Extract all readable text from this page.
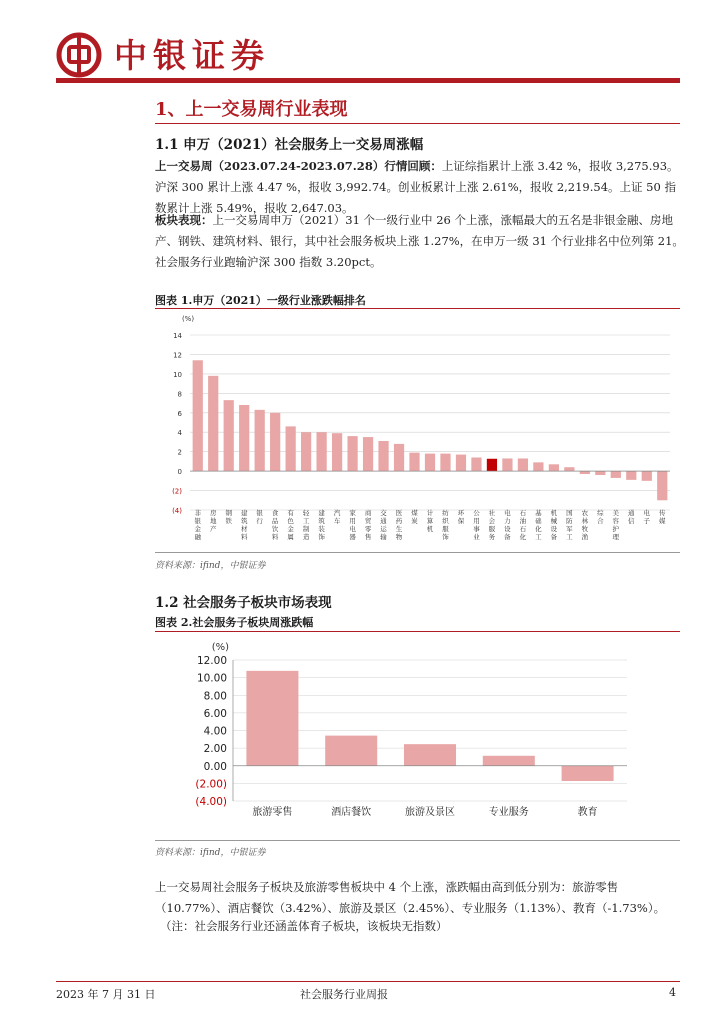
中银证券
1、上一交易周行业表现
1.1 申万（2021）社会服务上一交易周涨幅
上一交易周（2023.07.24-2023.07.28）行情回顾：上证综指累计上涨 3.42 %，报收 3,275.93。沪深 300 累计上涨 4.47 %，报收 3,992.74。创业板累计上涨 2.61%，报收 2,219.54。上证 50 指数累计上涨 5.49%，报收 2,647.03。
板块表现：上一交易周申万（2021）31 个一级行业中 26 个上涨，涨幅最大的五名是非银金融、房地产、钢铁、建筑材料、银行，其中社会服务板块上涨 1.27%，在申万一级 31 个行业排名中位列第 21。社会服务行业跑输沪深 300 指数 3.20pct。
图表 1.申万（2021）一级行业涨跌幅排名
(%)
14
12
10
8
6
4
2
0
(2)
(4) 非
银
金
融
房
地
产
钢
铁
建
筑
材
料
银
行
食
品
饮
料
有
色
金
属
轻
工
制
造
建
筑
装
饰
汽
车
家
用
电
器
商
贸
零
售
交
通
运
输
医
药
生
物
煤
炭
计
算
机
纺
织
服
饰
环
保
公
用
事
业
社
会
服
务
电
力
设
备
石
油
石
化
基
础
化
工
机
械
设
备
国
防
军
工
农
林
牧
渔
综
合
美
容
护
理
通
信
电
子
传
媒
资料来源：ifind，中银证券
1.2 社会服务子板块市场表现
图表 2.社会服务子板块周涨跌幅
(%)
12.00
10.00
8.00
6.00
4.00
2.00
0.00
(2.00)
(4.00)
旅游零售	酒店餐饮	旅游及景区	专业服务	教育
资料来源：ifind，中银证券
上一交易周社会服务子板块及旅游零售板块中 4 个上涨，涨跌幅由高到低分别为：旅游零售（10.77%）、酒店餐饮（3.42%）、旅游及景区（2.45%）、专业服务（1.13%）、教育（-1.73%）。
（注：社会服务行业还涵盖体育子板块，该板块无指数）
2023 年 7 月 31 日	社会服务行业周报	4
